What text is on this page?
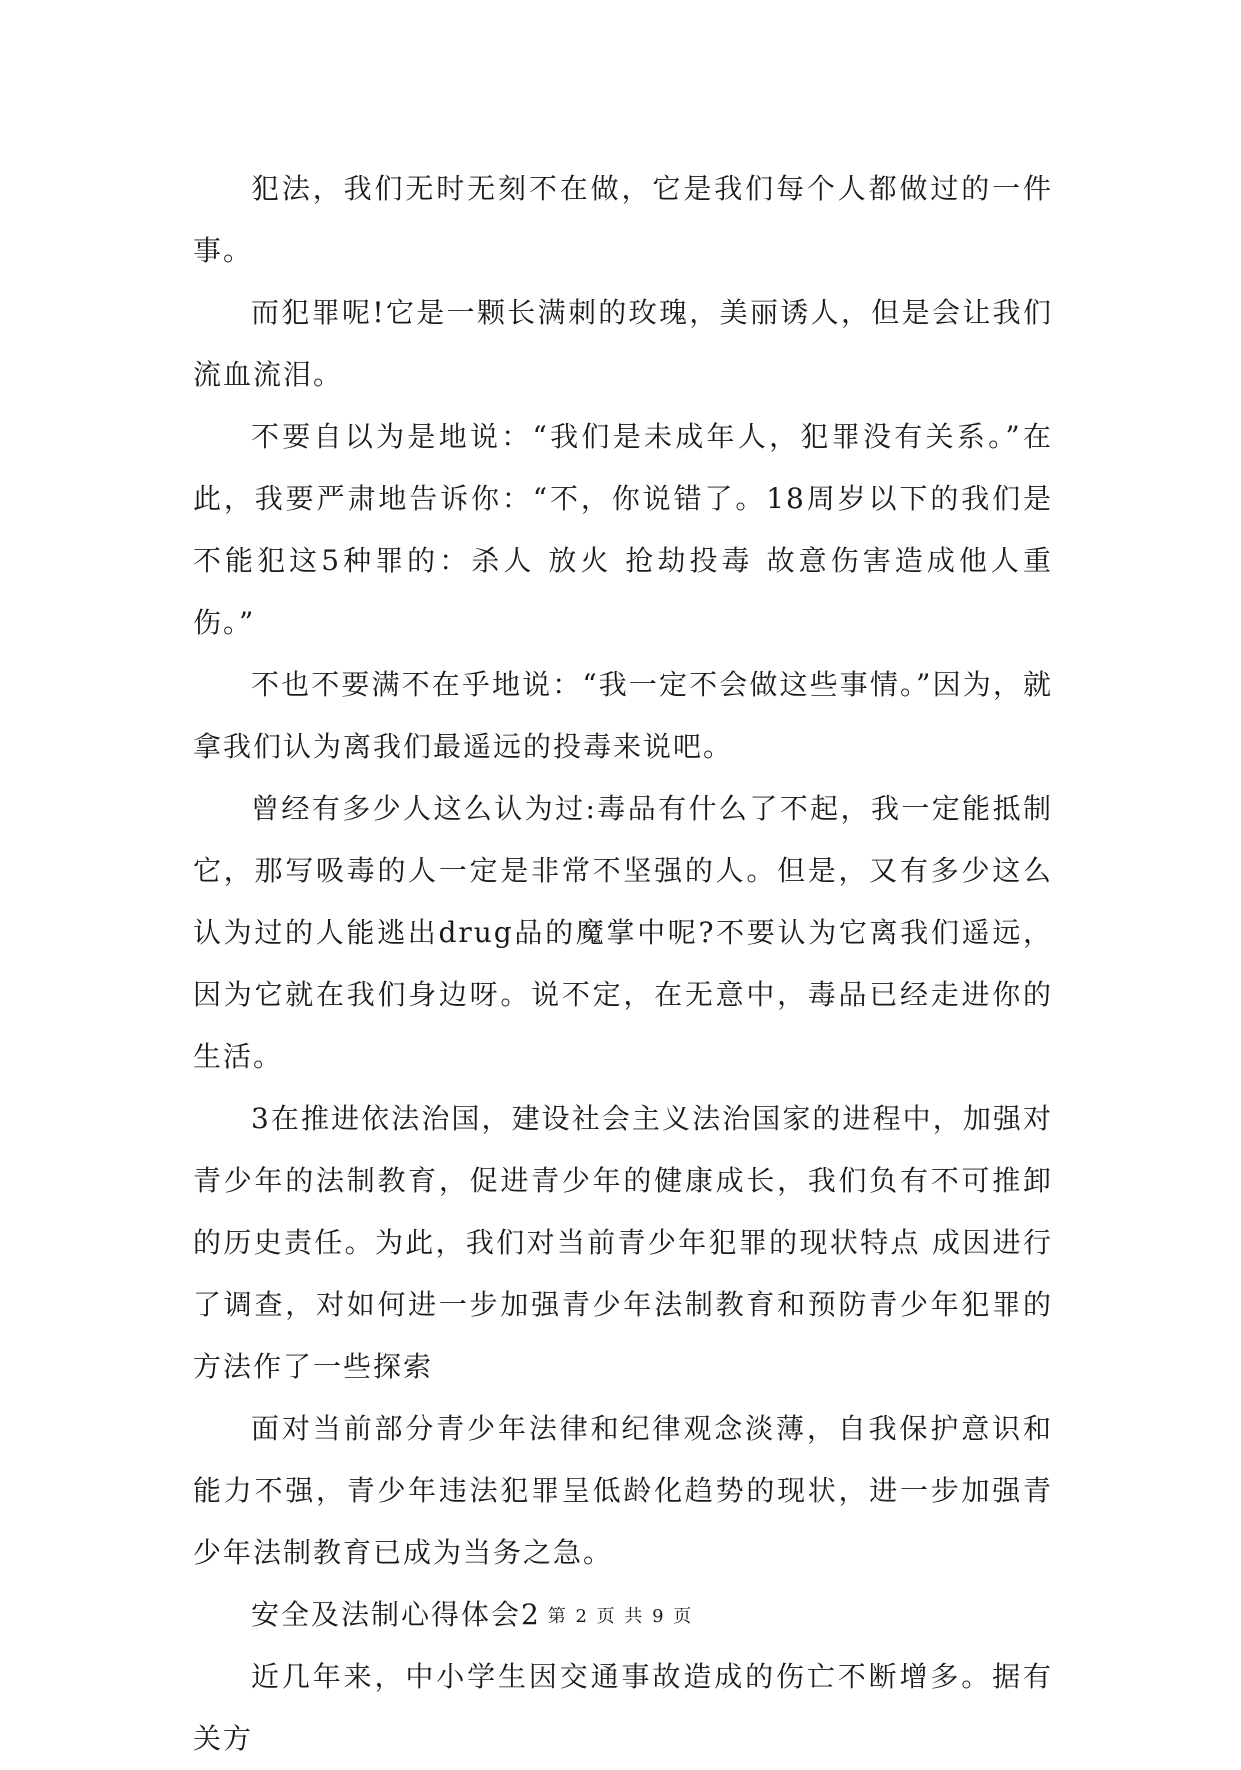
犯法，我们无时无刻不在做，它是我们每个人都做过的一件事。

而犯罪呢!它是一颗长满刺的玫瑰，美丽诱人，但是会让我们流血流泪。

不要自以为是地说：“我们是未成年人，犯罪没有关系。”在此，我要严肃地告诉你：“不，你说错了。18周岁以下的我们是不能犯这5种罪的：杀人 放火 抢劫投毒 故意伤害造成他人重伤。”

不也不要满不在乎地说：“我一定不会做这些事情。”因为，就拿我们认为离我们最遥远的投毒来说吧。

曾经有多少人这么认为过:毒品有什么了不起，我一定能抵制它，那写吸毒的人一定是非常不坚强的人。但是，又有多少这么认为过的人能逃出drug品的魔掌中呢?不要认为它离我们遥远，因为它就在我们身边呀。说不定，在无意中，毒品已经走进你的生活。

3在推进依法治国，建设社会主义法治国家的进程中，加强对青少年的法制教育，促进青少年的健康成长，我们负有不可推卸的历史责任。为此，我们对当前青少年犯罪的现状特点 成因进行了调查，对如何进一步加强青少年法制教育和预防青少年犯罪的方法作了一些探索

面对当前部分青少年法律和纪律观念淡薄，自我保护意识和能力不强，青少年违法犯罪呈低龄化趋势的现状，进一步加强青少年法制教育已成为当务之急。

安全及法制心得体会2

近几年来，中小学生因交通事故造成的伤亡不断增多。据有关方

第 2 页 共 9 页
